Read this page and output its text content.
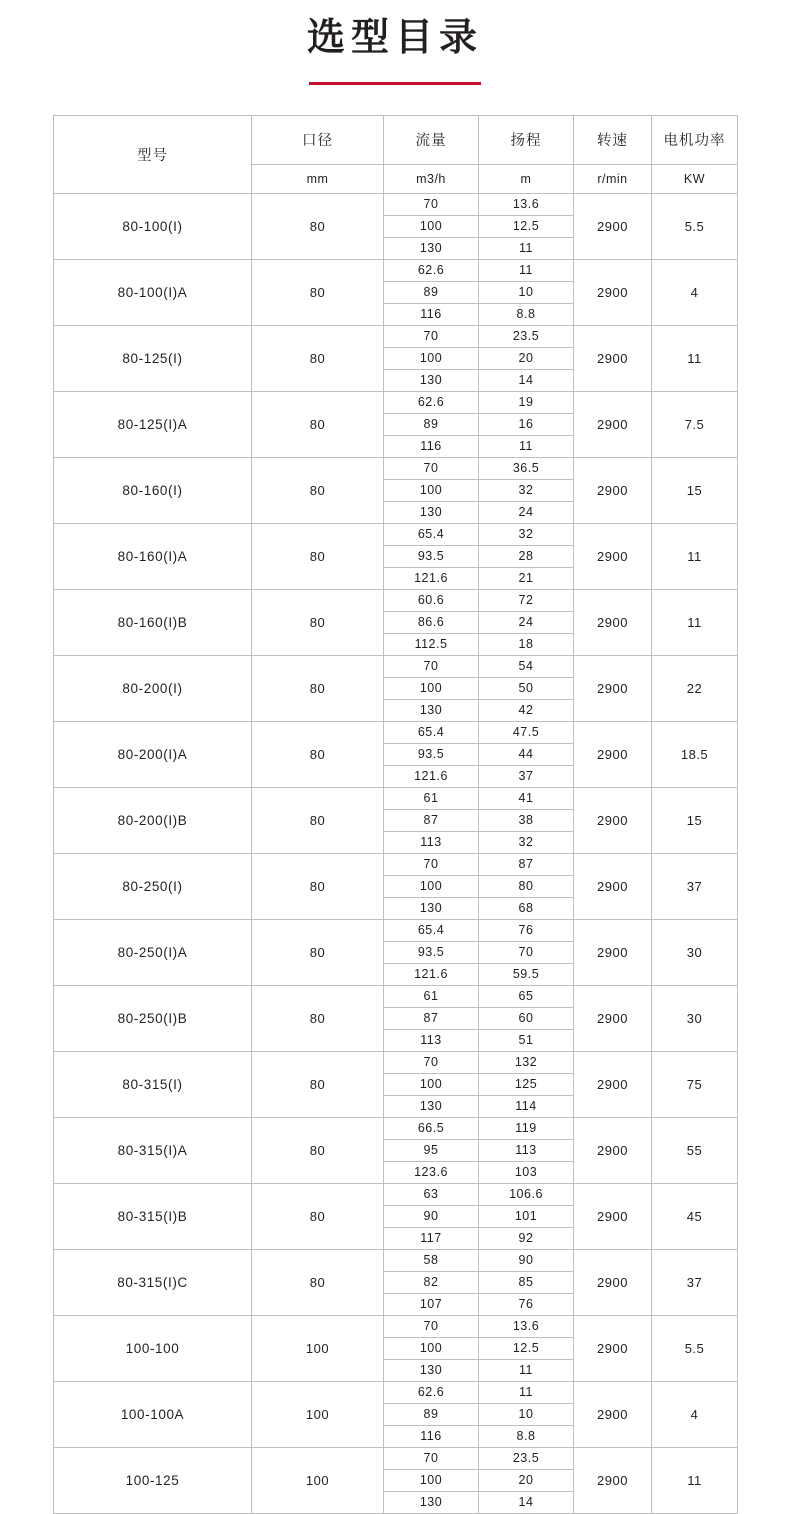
选型目录
型号	口径	流量	扬程	转速	电机功率
	mm	m3/h	m	r/min	KW
80-100(I)	80	70	13.6	2900	5.5
		100	12.5		
		130	11		
80-100(I)A	80	62.6	11	2900	4
		89	10		
		116	8.8		
80-125(I)	80	70	23.5	2900	11
		100	20		
		130	14		
80-125(I)A	80	62.6	19	2900	7.5
		89	16		
		116	11		
80-160(I)	80	70	36.5	2900	15
		100	32		
		130	24		
80-160(I)A	80	65.4	32	2900	11
		93.5	28		
		121.6	21		
80-160(I)B	80	60.6	72	2900	11
		86.6	24		
		112.5	18		
80-200(I)	80	70	54	2900	22
		100	50		
		130	42		
80-200(I)A	80	65.4	47.5	2900	18.5
		93.5	44		
		121.6	37		
80-200(I)B	80	61	41	2900	15
		87	38		
		113	32		
80-250(I)	80	70	87	2900	37
		100	80		
		130	68		
80-250(I)A	80	65.4	76	2900	30
		93.5	70		
		121.6	59.5		
80-250(I)B	80	61	65	2900	30
		87	60		
		113	51		
80-315(I)	80	70	132	2900	75
		100	125		
		130	114		
80-315(I)A	80	66.5	119	2900	55
		95	113		
		123.6	103		
80-315(I)B	80	63	106.6	2900	45
		90	101		
		117	92		
80-315(I)C	80	58	90	2900	37
		82	85		
		107	76		
100-100	100	70	13.6	2900	5.5
		100	12.5		
		130	11		
100-100A	100	62.6	11	2900	4
		89	10		
		116	8.8		
100-125	100	70	23.5	2900	11
		100	20		
		130	14		
